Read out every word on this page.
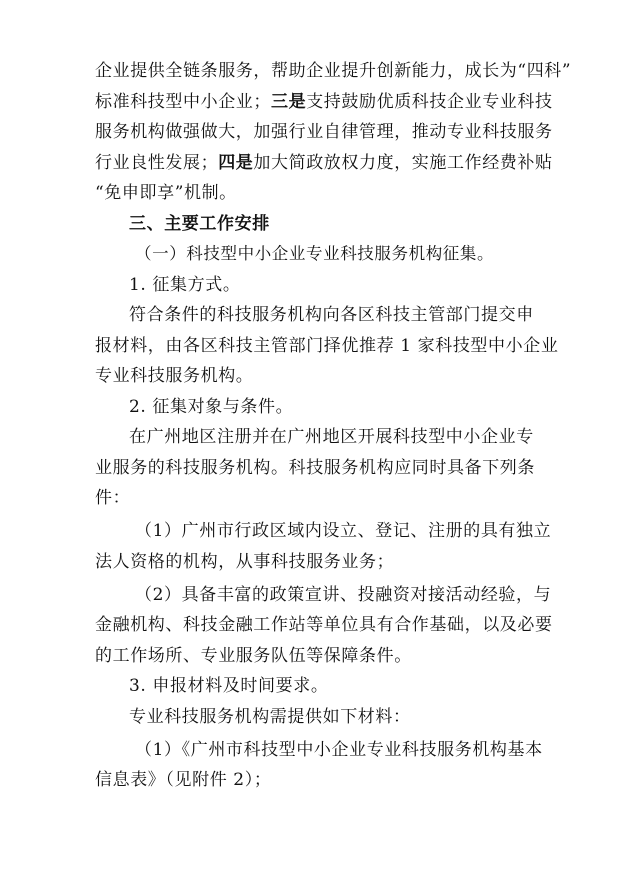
企业提供全链条服务，帮助企业提升创新能力，成长为“四科”
标准科技型中小企业；三是支持鼓励优质科技企业专业科技
服务机构做强做大，加强行业自律管理，推动专业科技服务
行业良性发展；四是加大简政放权力度，实施工作经费补贴
“免申即享”机制。
三、主要工作安排
（一）科技型中小企业专业科技服务机构征集。
1. 征集方式。
符合条件的科技服务机构向各区科技主管部门提交申
报材料，由各区科技主管部门择优推荐 1 家科技型中小企业
专业科技服务机构。
2. 征集对象与条件。
在广州地区注册并在广州地区开展科技型中小企业专
业服务的科技服务机构。科技服务机构应同时具备下列条
件：
（1）广州市行政区域内设立、登记、注册的具有独立
法人资格的机构，从事科技服务业务；
（2）具备丰富的政策宣讲、投融资对接活动经验，与
金融机构、科技金融工作站等单位具有合作基础，以及必要
的工作场所、专业服务队伍等保障条件。
3. 申报材料及时间要求。
专业科技服务机构需提供如下材料：
（1）《广州市科技型中小企业专业科技服务机构基本
信息表》（见附件 2）；
